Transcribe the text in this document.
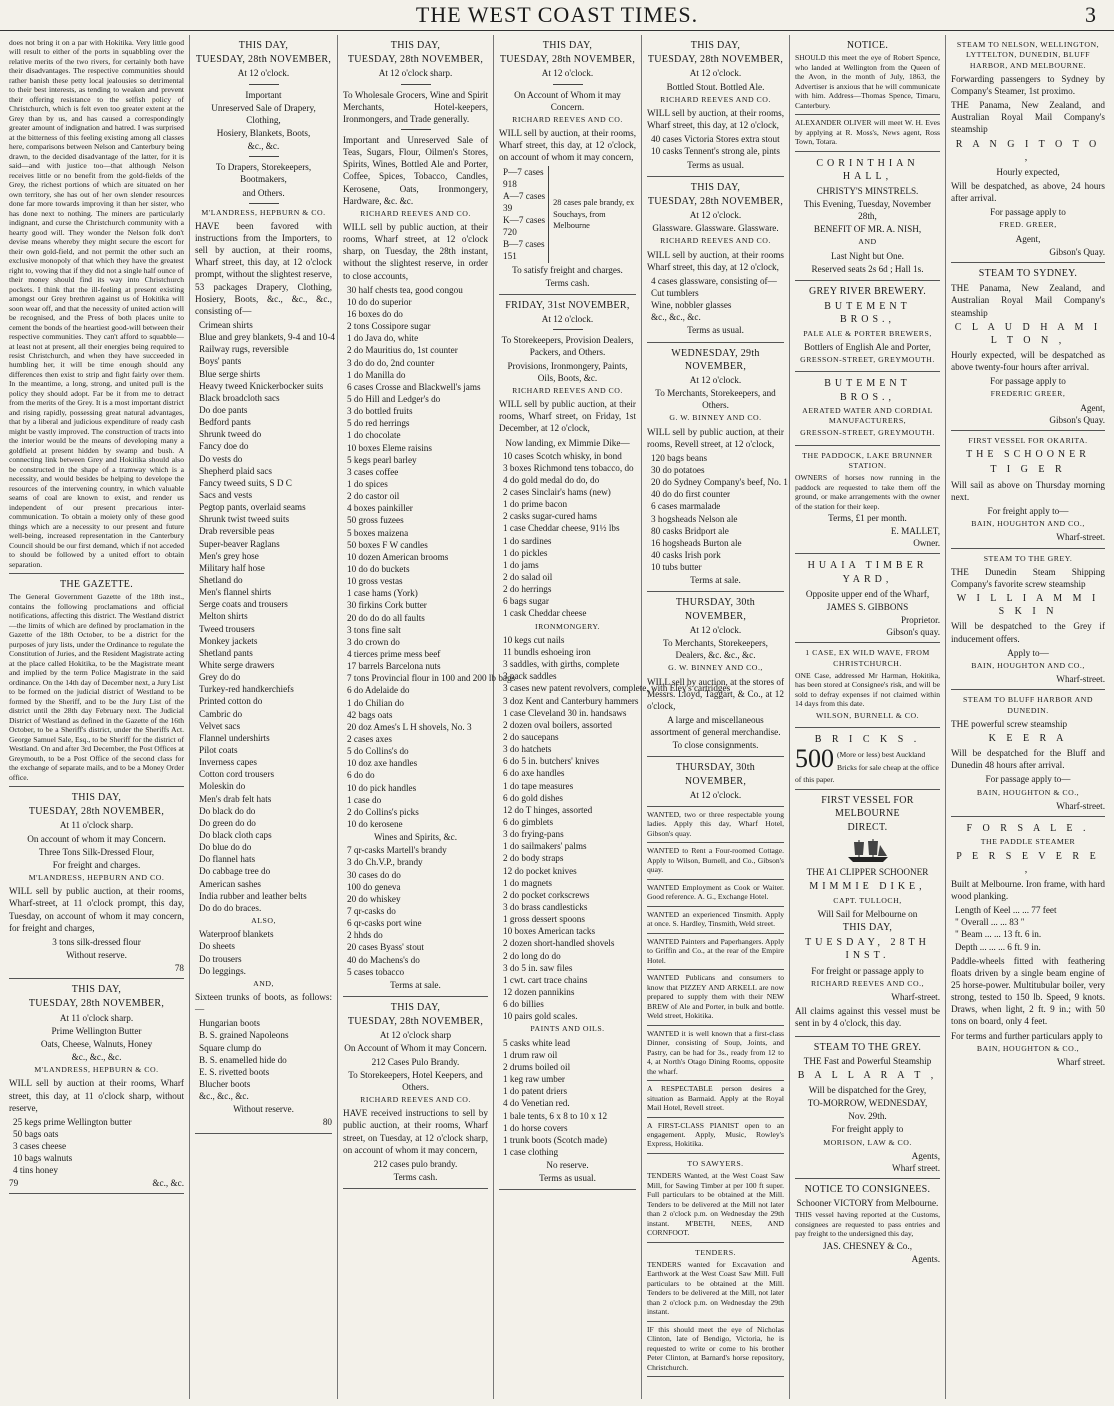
THE WEST COAST TIMES.	3
does not bring it on a par with Hokitika. Very little good will result to either of the ports in squabbling over the relative merits of the two rivers, for certainly both have their disadvantages. The respective communities should rather banish these petty local jealousies so detrimental to their best interests, as tending to weaken and prevent their offering resistance to the selfish policy of Christchurch, which is felt even too greater extent at the Grey than by us, and has caused a correspondingly greater amount of indignation and hatred. I was surprised at the bitterness of this feeling existing among all classes here, comparisons between Nelson and Canterbury being drawn, to the decided disadvantage of the latter, for it is said—and with justice too—that although Nelson receives little or no benefit from the gold-fields of the Grey, the richest portions of which are situated on her own territory, she has out of her own slender resources done far more towards improving it than her sister, who has done next to nothing. The miners are particularly indignant, and curse the Christchurch community with a hearty good will. They wonder the Nelson folk don't devise means whereby they might secure the escort for their own gold-field, and not permit the other such an exclusive monopoly of that which they have the greatest right to, vowing that if they did not a single half ounce of their money should find its way into Christchurch pockets. I think that the ill-feeling at present existing amongst our Grey brethren against us of Hokitika will soon wear off, and that the necessity of united action will be recognised, and the Press of both places unite to cement the bonds of the heartiest good-will between their respective communities. They can't afford to squabble—at least not at present, all their energies being required to resist Christchurch, and when they have succeeded in humbling her, it will be time enough should any differences then exist to strip and fight fairly over them. In the meantime, a long, strong, and united pull is the policy they should adopt. Far be it from me to detract from the merits of the Grey. It is a most important district and rising rapidly, possessing great natural advantages, that by a liberal and judicious expenditure of ready cash might be vastly improved. The construction of tracts into the interior would be the means of developing many a goldfield at present hidden by swamp and bush. A connecting link between Grey and Hokitika should also be constructed in the shape of a tramway which is a necessity, and would besides be helping to develope the resources of the intervening country, in which valuable seams of coal are known to exist, and render us independent of our present precarious inter-communication. To obtain a moiety only of these good things which are a necessity to our present and future well-being, increased representation in the Canterbury Council should be our first demand, which if not acceded to should be followed by a united effort to obtain separation.
THE GAZETTE.
The General Government Gazette of the 18th inst., contains the following proclamations and official notifications, affecting this district. The Westland district—the limits of which are defined by proclamation in the Gazette of the 18th October, to be a district for the purposes of jury lists, under the Ordinance to regulate the Constitution of Juries, and the Resident Magistrate acting at the place called Hokitika, to be the Magistrate meant and implied by the term Police Magistrate in the said ordinance. On the 14th day of December next, a Jury List to be formed on the judicial district of Westland to be formed by the Sheriff, and to be the Jury List of the district until the 28th day February next. The Judicial District of Westland as defined in the Gazette of the 16th October, to be a Sheriff's district, under the Sheriffs Act. George Samuel Sale, Esq., to be Sheriff for the district of Westland. On and after 3rd December, the Post Offices at Greymouth, to be a Post Office of the second class for the exchange of separate mails, and to be a Money Order office.
THIS DAY,
TUESDAY, 28th NOVEMBER,
At 11 o'clock sharp.
On account of whom it may Concern.
Three Tons Silk-Dressed Flour,
For freight and charges.
M'LANDRESS, HEPBURN AND CO.
WILL sell by public auction, at their rooms, Wharf-street, at 11 o'clock prompt, this day, Tuesday, on account of whom it may concern, for freight and charges,
3 tons silk-dressed flour
Without reserve.
78
THIS DAY,
TUESDAY, 28th NOVEMBER,
At 11 o'clock sharp.
Prime Wellington Butter
Oats, Cheese, Walnuts, Honey
&c., &c., &c.
M'LANDRESS, HEPBURN & CO.
WILL sell by auction at their rooms, Wharf street, this day, at 11 o'clock sharp, without reserve,
25 kegs prime Wellington butter
50 bags oats
3 cases cheese
10 bags walnuts
4 tins honey
79	&c., &c.
THIS DAY,
TUESDAY, 28th NOVEMBER,
At 12 o'clock.
Important
Unreserved Sale of Drapery, Clothing,
Hosiery, Blankets, Boots,
&c., &c.
To Drapers, Storekeepers, Bootmakers,
and Others.
M'LANDRESS, HEPBURN & CO.
HAVE been favored with instructions from the Importers, to sell by auction, at their rooms, Wharf street, this day, at 12 o'clock prompt, without the slightest reserve, 53 packages Drapery, Clothing, Hosiery, Boots, &c., &c., &c., consisting of—
Crimean shirts
Blue and grey blankets, 9-4 and 10-4
Railway rugs, reversible
Boys' pants
Blue serge shirts
Heavy tweed Knickerbocker suits
Black broadcloth sacs
Do doe pants
Bedford pants
Shrunk tweed do
Fancy doe do
Do vests do
Shepherd plaid sacs
Fancy tweed suits, S D C
Sacs and vests
Pegtop pants, overlaid seams
Shrunk twist tweed suits
Drab reversible peas
Super-beaver Raglans
Men's grey hose
Military half hose
Shetland do
Men's flannel shirts
Serge coats and trousers
Melton shirts
Tweed trousers
Monkey jackets
Shetland pants
White serge drawers
Grey do do
Turkey-red handkerchiefs
Printed cotton do
Cambric do
Velvet sacs
Flannel undershirts
Pilot coats
Inverness capes
Cotton cord trousers
Moleskin do
Men's drab felt hats
Do black do do
Do green do do
Do black cloth caps
Do blue do do
Do flannel hats
Do cabbage tree do
American sashes
India rubber and leather belts
Do do do braces.
ALSO,
Waterproof blankets
Do sheets
Do trousers
Do leggings.
AND,
Sixteen trunks of boots, as follows:—
Hungarian boots
B. S. grained Napoleons
Square clump do
B. S. enamelled hide do
E. S. rivetted boots
Blucher boots
&c., &c., &c.
Without reserve.
80
THIS DAY,
TUESDAY, 28th NOVEMBER,
At 12 o'clock sharp.
To Wholesale Grocers, Wine and Spirit Merchants, Hotel-keepers, Ironmongers, and Trade generally.
Important and Unreserved Sale of Teas, Sugars, Flour, Oilmen's Stores, Spirits, Wines, Bottled Ale and Porter, Coffee, Spices, Tobacco, Candles, Kerosene, Oats, Ironmongery, Hardware, &c. &c.
RICHARD REEVES AND CO.
WILL sell by public auction, at their rooms, Wharf street, at 12 o'clock sharp, on Tuesday, the 28th instant, without the slightest reserve, in order to close accounts,
30 half chests tea, good congou
10 do do superior
16 boxes do do
2 tons Cossipore sugar
1 do Java do, white
2 do Mauritius do, 1st counter
3 do do do, 2nd counter
1 do Manilla do
6 cases Crosse and Blackwell's jams
5 do Hill and Ledger's do
3 do bottled fruits
5 do red herrings
1 do chocolate
10 boxes Eleme raisins
5 kegs pearl barley
3 cases coffee
1 do spices
2 do castor oil
4 boxes painkiller
50 gross fuzees
5 boxes maizena
50 boxes F W candles
10 dozen American brooms
10 do do buckets
10 gross vestas
1 case hams (York)
30 firkins Cork butter
20 do do do all faults
3 tons fine salt
3 do crown do
4 tierces prime mess beef
17 barrels Barcelona nuts
7 tons Provincial flour in 100 and 200 lb bags
6 do Adelaide do
1 do Chilian do
42 bags oats
20 doz Ames's L H shovels, No. 3
2 cases axes
5 do Collins's do
10 doz axe handles
6 do do
10 do pick handles
1 case do
2 do Collins's picks
10 do kerosene
Wines and Spirits, &c.
7 qr-casks Martell's brandy
3 do Ch.V.P., brandy
30 cases do do
100 do geneva
20 do whiskey
7 qr-casks do
6 qr-casks port wine
2 hhds do
20 cases Byass' stout
40 do Machens's do
5 cases tobacco
Terms at sale.
THIS DAY,
TUESDAY, 28th NOVEMBER,
At 12 o'clock sharp
On Account of Whom it may Concern.
212 Cases Pulo Brandy.
To Storekeepers, Hotel Keepers, and Others.
RICHARD REEVES AND CO.
HAVE received instructions to sell by public auction, at their rooms, Wharf street, on Tuesday, at 12 o'clock sharp, on account of whom it may concern,
212 cases pulo brandy.
Terms cash.
THIS DAY,
TUESDAY, 28th NOVEMBER,
At 12 o'clock.
On Account of Whom it may Concern.
RICHARD REEVES AND CO.
WILL sell by auction, at their rooms, Wharf street, this day, at 12 o'clock, on account of whom it may concern,
P—7 cases
918
A—7 cases
39
K—7 cases
720
B—7 cases
151
28 cases pale brandy, ex Souchays, from Melbourne
To satisfy freight and charges.
Terms cash.
FRIDAY, 31st NOVEMBER,
At 12 o'clock.
To Storekeepers, Provision Dealers, Packers, and Others.
Provisions, Ironmongery, Paints, Oils, Boots, &c.
RICHARD REEVES AND CO.
WILL sell by public auction, at their rooms, Wharf street, on Friday, 1st December, at 12 o'clock,
Now landing, ex Mimmie Dike—
10 cases Scotch whisky, in bond
3 boxes Richmond tens tobacco, do
4 do gold medal do do, do
2 cases Sinclair's hams (new)
1 do prime bacon
2 casks sugar-cured hams
1 case Cheddar cheese, 91½ lbs
1 do sardines
1 do pickles
1 do jams
2 do salad oil
2 do herrings
6 bags sugar
1 cask Cheddar cheese
IRONMONGERY.
10 kegs cut nails
11 bundls eshoeing iron
3 saddles, with girths, complete
3 pack saddles
3 cases new patent revolvers, complete, with Eley's cartridges
3 doz Kent and Canterbury hammers
1 case Cleveland 30 in. handsaws
2 dozen oval boilers, assorted
2 do saucepans
3 do hatchets
6 do 5 in. butchers' knives
6 do axe handles
1 do tape measures
6 do gold dishes
12 do T hinges, assorted
6 do gimblets
3 do frying-pans
1 do sailmakers' palms
2 do body straps
12 do pocket knives
1 do magnets
2 do pocket corkscrews
3 do brass candlesticks
1 gross dessert spoons
10 boxes American tacks
2 dozen short-handled shovels
2 do long do do
3 do 5 in. saw files
1 cwt. cart trace chains
12 dozen pannikins
6 do billies
10 pairs gold scales.
PAINTS AND OILS.
5 casks white lead
1 drum raw oil
2 drums boiled oil
1 keg raw umber
1 do patent driers
4 do Venetian red.
1 bale tents, 6 x 8 to 10 x 12
1 do horse covers
1 trunk boots (Scotch made)
1 case clothing
No reserve.
Terms as usual.
THIS DAY,
TUESDAY, 28th NOVEMBER,
At 12 o'clock.
Bottled Stout. Bottled Ale.
RICHARD REEVES AND CO.
WILL sell by auction, at their rooms, Wharf street, this day, at 12 o'clock,
40 cases Victoria Stores extra stout
10 casks Tennent's strong ale, pints
Terms as usual.
THIS DAY,
TUESDAY, 28th NOVEMBER,
At 12 o'clock.
Glassware. Glassware. Glassware.
RICHARD REEVES AND CO.
WILL sell by auction, at their rooms Wharf street, this day, at 12 o'clock,
4 cases glassware, consisting of—
Cut tumblers
Wine, nobbler glasses
&c., &c., &c.
Terms as usual.
WEDNESDAY, 29th NOVEMBER,
At 12 o'clock.
To Merchants, Storekeepers, and Others.
G. W. BINNEY AND CO.
WILL sell by public auction, at their rooms, Revell street, at 12 o'clock,
120 bags beans
30 do potatoes
20 do Sydney Company's beef, No. 1
40 do do first counter
6 cases marmalade
3 hogsheads Nelson ale
80 casks Bridport ale
16 hogsheads Burton ale
40 casks Irish pork
10 tubs butter
Terms at sale.
THURSDAY, 30th NOVEMBER,
At 12 o'clock.
To Merchants, Storekeepers, Dealers, &c. &c., &c.
G. W. BINNEY AND CO.,
WILL sell by auction, at the stores of Messrs. Lloyd, Taggart, & Co., at 12 o'clock,
A large and miscellaneous assortment of general merchandise.
To close consignments.
THURSDAY, 30th NOVEMBER,
At 12 o'clock.
WANTED, two or three respectable young ladies. Apply this day, Wharf Hotel, Gibson's quay.
WANTED to Rent a Four-roomed Cottage. Apply to Wilson, Burnell, and Co., Gibson's quay.
WANTED Employment as Cook or Waiter. Good reference. A. G., Exchange Hotel.
WANTED an experienced Tinsmith. Apply at once. S. Hardley, Tinsmith, Weld street.
WANTED Painters and Paperhangers. Apply to Griffin and Co., at the rear of the Empire Hotel.
WANTED Publicans and consumers to know that PIZZEY AND ARKELL are now prepared to supply them with their NEW BREW of Ale and Porter, in bulk and bottle. Weld street, Hokitika.
WANTED it is well known that a first-class Dinner, consisting of Soup, Joints, and Pastry, can be had for 3s., ready from 12 to 4, at North's Otago Dining Rooms, opposite the wharf.
A RESPECTABLE person desires a situation as Barmaid. Apply at the Royal Mail Hotel, Revell street.
A FIRST-CLASS PIANIST open to an engagement. Apply, Music, Rowley's Express, Hokitika.
TO SAWYERS.
TENDERS Wanted, at the West Coast Saw Mill, for Sawing Timber at per 100 ft super. Full particulars to be obtained at the Mill. Tenders to be delivered at the Mill not later than 2 o'clock p.m. on Wednesday the 29th instant. M'BETH, NEES, AND CORNFOOT.
TENDERS.
TENDERS wanted for Excavation and Earthwork at the West Coast Saw Mill. Full particulars to be obtained at the Mill. Tenders to be delivered at the Mill, not later than 2 o'clock p.m. on Wednesday the 29th instant.
IF this should meet the eye of Nicholas Clinton, late of Bendigo, Victoria, he is requested to write or come to his brother Peter Clinton, at Barnard's horse repository, Christchurch.
NOTICE.
SHOULD this meet the eye of Robert Spence, who landed at Wellington from the Queen of the Avon, in the month of July, 1863, the Advertiser is anxious that he will communicate with him. Address—Thomas Spence, Timaru, Canterbury.
ALEXANDER OLIVER will meet W. H. Eves by applying at R. Moss's, News agent, Ross Town, Totara.
CORINTHIAN HALL,
CHRISTY'S MINSTRELS.
This Evening, Tuesday, November 28th,
BENEFIT OF MR. A. NISH,
AND
Last Night but One.
Reserved seats 2s 6d ; Hall 1s.
GREY RIVER BREWERY.
BUTEMENT BROS.,
PALE ALE & PORTER BREWERS,
Bottlers of English Ale and Porter,
GRESSON-STREET, GREYMOUTH.
BUTEMENT BROS.,
AERATED WATER AND CORDIAL MANUFACTURERS,
GRESSON-STREET, GREYMOUTH.
THE PADDOCK, LAKE BRUNNER STATION.
OWNERS of horses now running in the paddock are requested to take them off the ground, or make arrangements with the owner of the station for their keep.
Terms, £1 per month.
E. MALLET,
Owner.
HUAIA TIMBER YARD,
Opposite upper end of the Wharf,
JAMES S. GIBBONS
Proprietor.
Gibson's quay.
1 CASE, EX WILD WAVE, FROM CHRISTCHURCH.
ONE Case, addressed Mr Harman, Hokitika, has been stored at Consignee's risk, and will be sold to defray expenses if not claimed within 14 days from this date.
WILSON, BURNELL & CO.
B R I C K S .
500 (More or less) best Auckland Bricks for sale cheap at the office of this paper.
FIRST VESSEL FOR MELBOURNE
DIRECT.
THE A1 CLIPPER SCHOONER
MIMMIE DIKE,
CAPT. TULLOCH,
Will Sail for Melbourne on
THIS DAY,
TUESDAY, 28TH INST.
For freight or passage apply to
RICHARD REEVES AND CO.,
Wharf-street.
All claims against this vessel must be sent in by 4 o'clock, this day.
STEAM TO THE GREY.
THE Fast and Powerful Steamship
B A L L A R A T ,
Will be dispatched for the Grey,
TO-MORROW, WEDNESDAY,
Nov. 29th.
For freight apply to
MORISON, LAW & CO.
Agents,
Wharf street.
NOTICE TO CONSIGNEES.
Schooner VICTORY from Melbourne.
THIS vessel having reported at the Customs, consignees are requested to pass entries and pay freight to the undersigned this day,
JAS. CHESNEY & Co.,
Agents.
STEAM TO NELSON, WELLINGTON, LYTTELTON, DUNEDIN, BLUFF HARBOR, AND MELBOURNE.
Forwarding passengers to Sydney by Company's Steamer, 1st proximo.
THE Panama, New Zealand, and Australian Royal Mail Company's steamship
R A N G I T O T O ,
Hourly expected,
Will be despatched, as above, 24 hours after arrival.
For passage apply to
FRED. GREER,
Agent,
Gibson's Quay.
STEAM TO SYDNEY.
THE Panama, New Zealand, and Australian Royal Mail Company's steamship
C L A U D H A M I L T O N ,
Hourly expected, will be despatched as above twenty-four hours after arrival.
For passage apply to
FREDERIC GREER,
Agent,
Gibson's Quay.
FIRST VESSEL FOR OKARITA.
THE SCHOONER
T I G E R
Will sail as above on Thursday morning next.
For freight apply to—
BAIN, HOUGHTON AND CO.,
Wharf-street.
STEAM TO THE GREY.
THE Dunedin Steam Shipping Company's favorite screw steamship
W I L L I A M M I S K I N
Will be despatched to the Grey if inducement offers.
Apply to—
BAIN, HOUGHTON AND CO.,
Wharf-street.
STEAM TO BLUFF HARBOR AND DUNEDIN.
THE powerful screw steamship
K E E R A
Will be despatched for the Bluff and Dunedin 48 hours after arrival.
For passage apply to—
BAIN, HOUGHTON & CO.,
Wharf-street.
F O R S A L E .
THE PADDLE STEAMER
P E R S E V E R E ,
Built at Melbourne. Iron frame, with hard wood planking.
Length of Keel ... ... 77 feet
" Overall ... ... 83 "
" Beam ... ... 13 ft. 6 in.
Depth ... ... ... 6 ft. 9 in.
Paddle-wheels fitted with feathering floats driven by a single beam engine of 25 horse-power. Multitubular boiler, very strong, tested to 150 lb. Speed, 9 knots. Draws, when light, 2 ft. 9 in.; with 50 tons on board, only 4 feet.
For terms and further particulars apply to
BAIN, HOUGHTON & CO.,
Wharf street.
